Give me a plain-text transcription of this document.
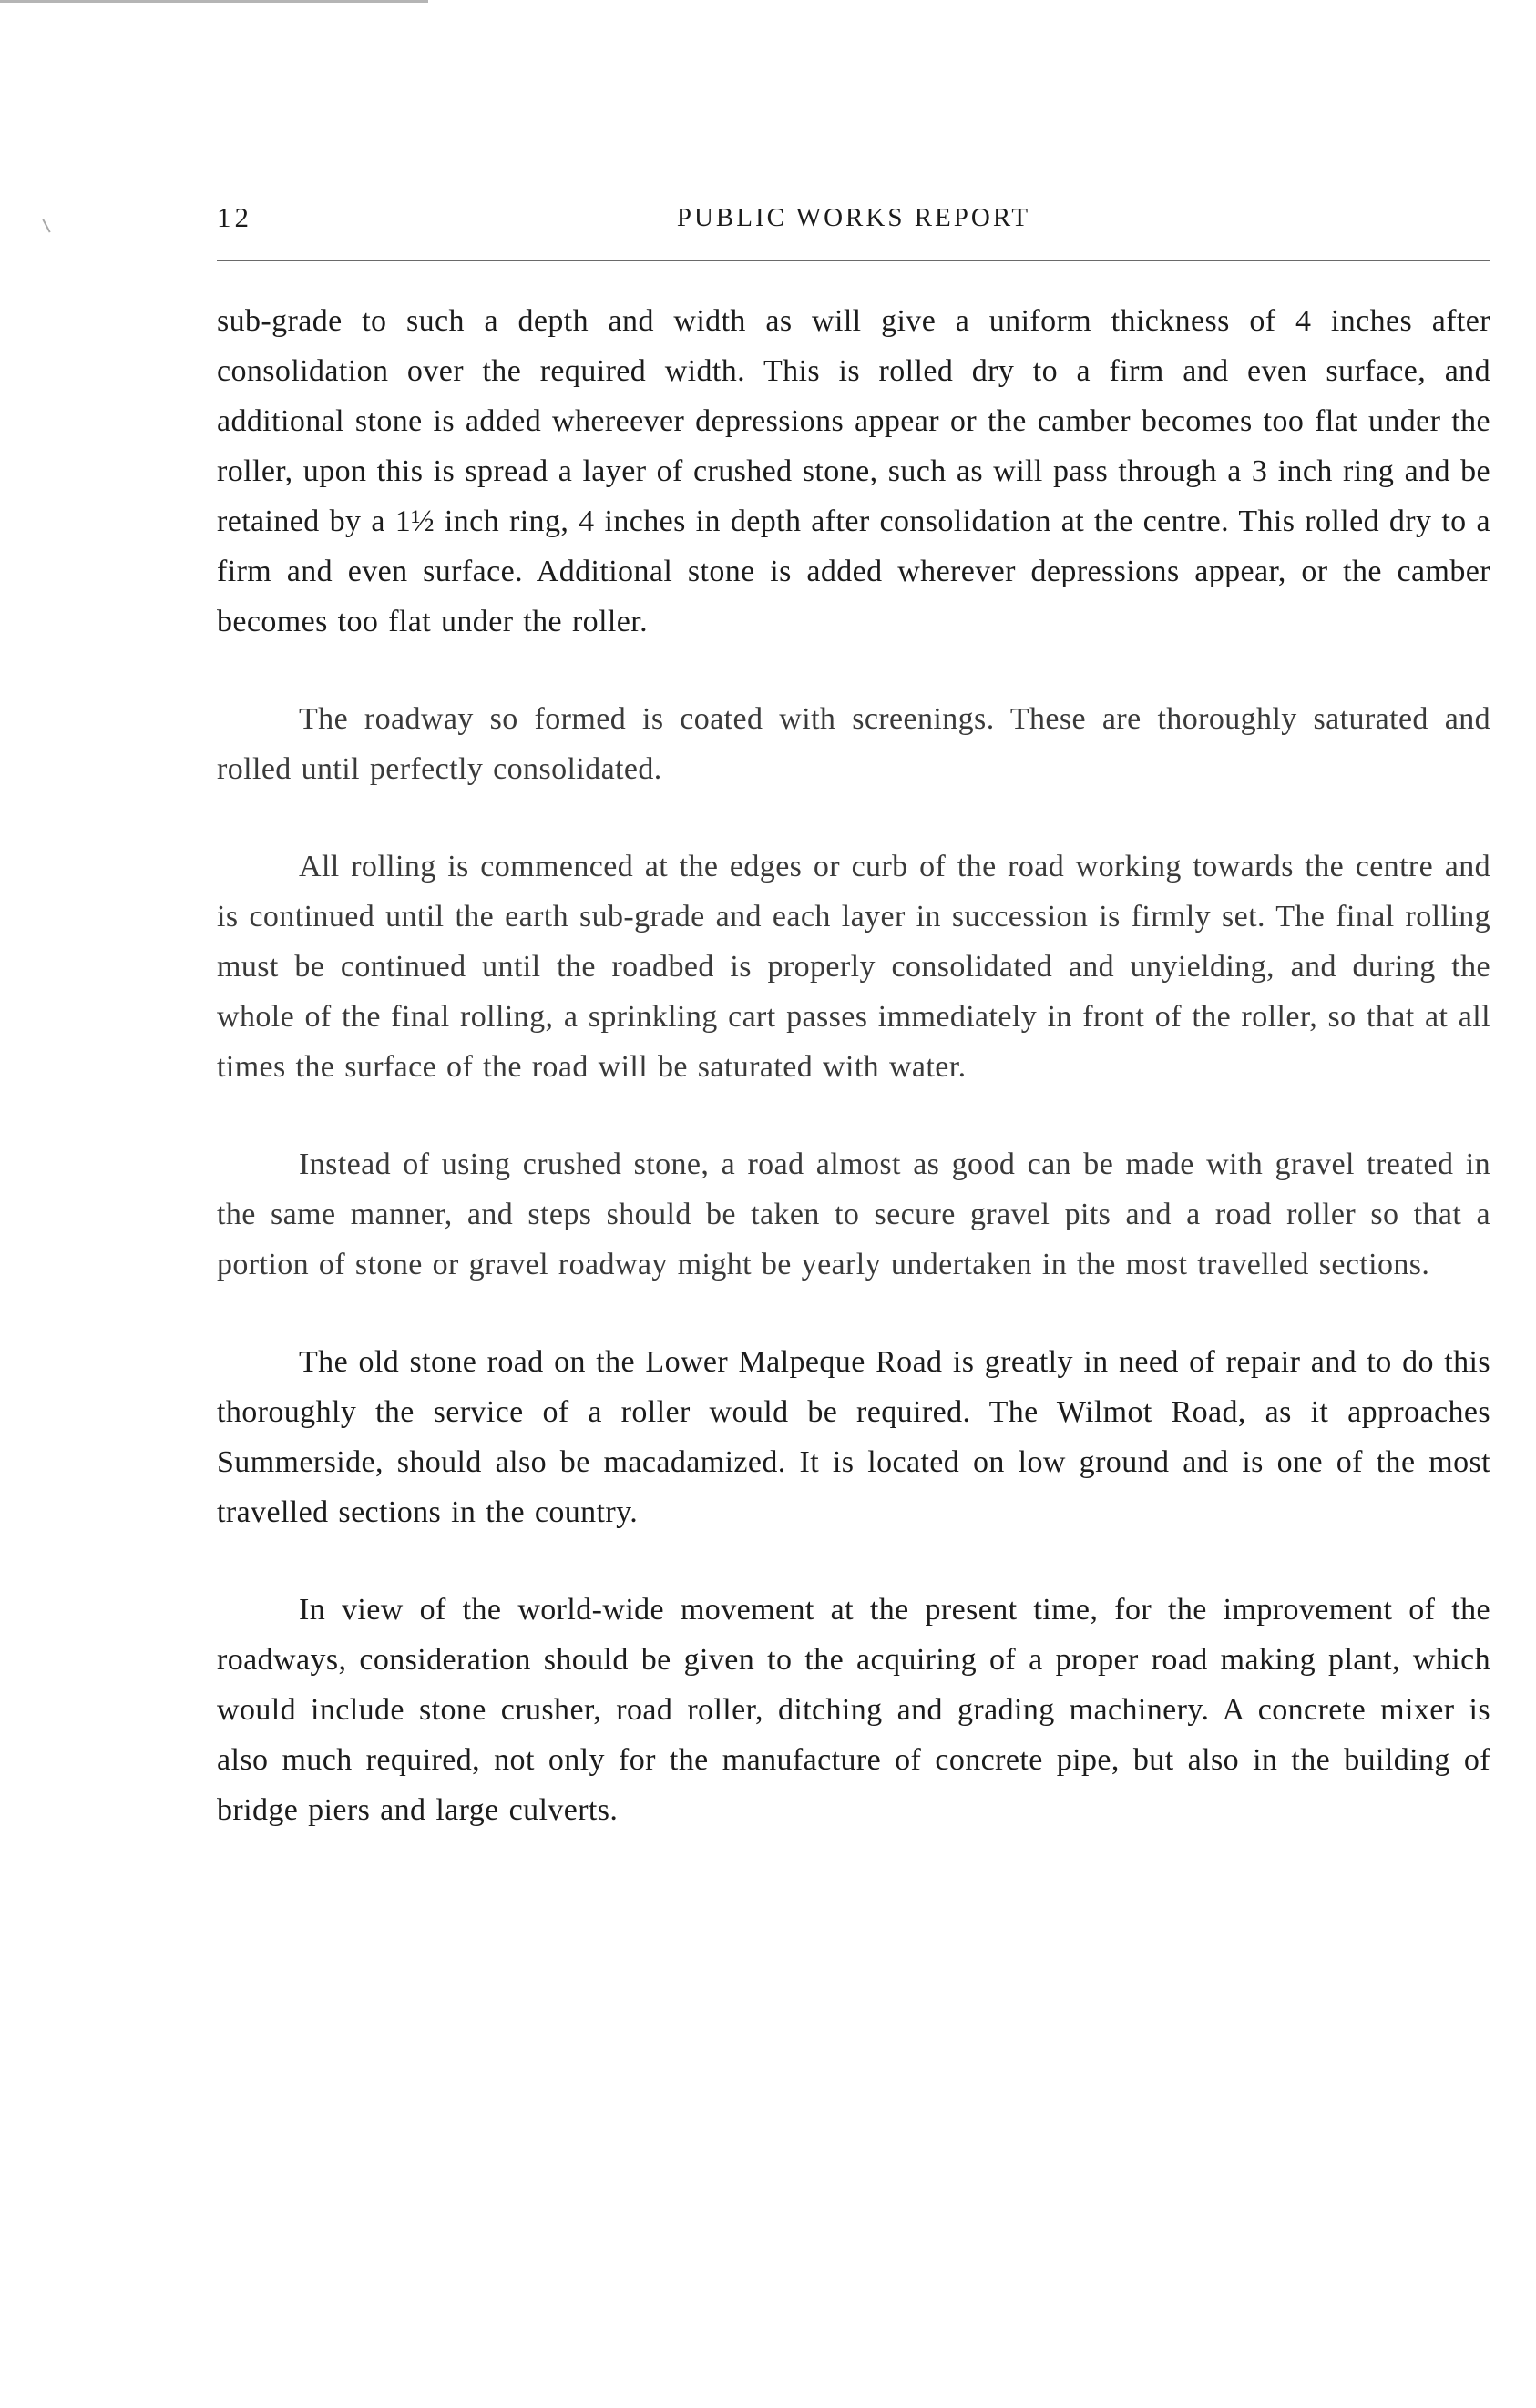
12	PUBLIC WORKS REPORT

sub-grade to such a depth and width as will give a uniform thickness of 4 inches after consolidation over the required width. This is rolled dry to a firm and even surface, and additional stone is added whereever depressions appear or the camber becomes too flat under the roller, upon this is spread a layer of crushed stone, such as will pass through a 3 inch ring and be retained by a 1½ inch ring, 4 inches in depth after consolidation at the centre. This rolled dry to a firm and even surface. Additional stone is added wherever depressions appear, or the camber becomes too flat under the roller.

The roadway so formed is coated with screenings. These are thoroughly saturated and rolled until perfectly consolidated.

All rolling is commenced at the edges or curb of the road working towards the centre and is continued until the earth sub-grade and each layer in succession is firmly set. The final rolling must be continued until the roadbed is properly consolidated and unyielding, and during the whole of the final rolling, a sprinkling cart passes immediately in front of the roller, so that at all times the surface of the road will be saturated with water.

Instead of using crushed stone, a road almost as good can be made with gravel treated in the same manner, and steps should be taken to secure gravel pits and a road roller so that a portion of stone or gravel roadway might be yearly undertaken in the most travelled sections.

The old stone road on the Lower Malpeque Road is greatly in need of repair and to do this thoroughly the service of a roller would be required. The Wilmot Road, as it approaches Summerside, should also be macadamized. It is located on low ground and is one of the most travelled sections in the country.

In view of the world-wide movement at the present time, for the improvement of the roadways, consideration should be given to the acquiring of a proper road making plant, which would include stone crusher, road roller, ditching and grading machinery. A concrete mixer is also much required, not only for the manufacture of concrete pipe, but also in the building of bridge piers and large culverts.
